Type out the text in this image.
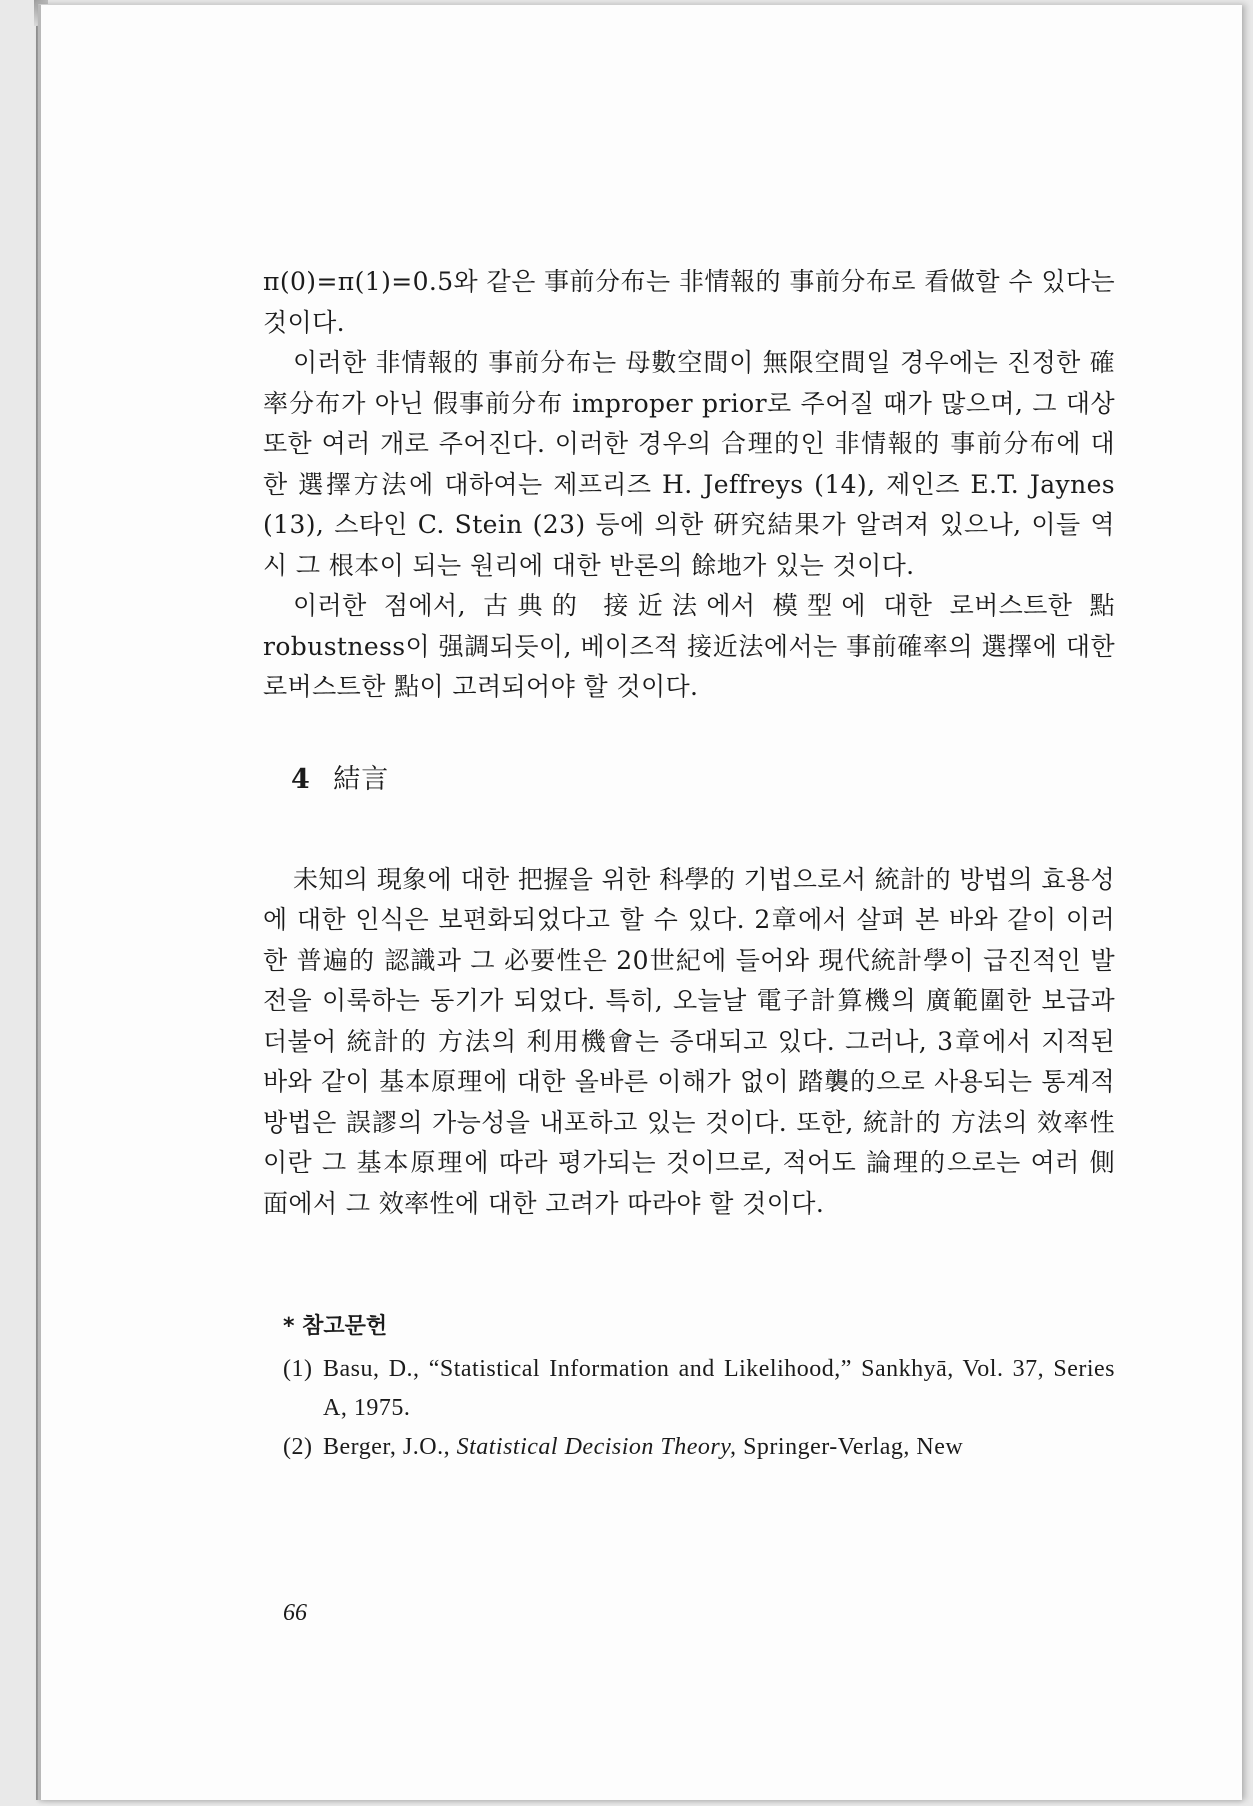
π(0)=π(1)=0.5와 같은 事前分布는 非情報的 事前分布로 看做할 수 있다는 것이다.

이러한 非情報的 事前分布는 母數空間이 無限空間일 경우에는 진정한 確率分布가 아닌 假事前分布 improper prior로 주어질 때가 많으며, 그 대상 또한 여러 개로 주어진다. 이러한 경우의 合理的인 非情報的 事前分布에 대한 選擇方法에 대하여는 제프리즈 H. Jeffreys (14), 제인즈 E.T. Jaynes (13), 스타인 C. Stein (23) 등에 의한 硏究結果가 알려져 있으나, 이들 역시 그 根本이 되는 원리에 대한 반론의 餘地가 있는 것이다.

이러한 점에서, 古典的 接近法에서 模型에 대한 로버스트한 點 robustness이 强調되듯이, 베이즈적 接近法에서는 事前確率의 選擇에 대한 로버스트한 點이 고려되어야 할 것이다.

4 結言

未知의 現象에 대한 把握을 위한 科學的 기법으로서 統計的 방법의 효용성에 대한 인식은 보편화되었다고 할 수 있다. 2章에서 살펴 본 바와 같이 이러한 普遍的 認識과 그 必要性은 20世紀에 들어와 現代統計學이 급진적인 발전을 이룩하는 동기가 되었다. 특히, 오늘날 電子計算機의 廣範圍한 보급과 더불어 統計的 方法의 利用機會는 증대되고 있다. 그러나, 3章에서 지적된 바와 같이 基本原理에 대한 올바른 이해가 없이 踏襲的으로 사용되는 통계적 방법은 誤謬의 가능성을 내포하고 있는 것이다. 또한, 統計的 方法의 效率性이란 그 基本原理에 따라 평가되는 것이므로, 적어도 論理的으로는 여러 側面에서 그 效率性에 대한 고려가 따라야 할 것이다.

* 참고문헌
(1) Basu, D., “Statistical Information and Likelihood,” Sankhyā, Vol. 37, Series A, 1975.
(2) Berger, J.O., Statistical Decision Theory, Springer-Verlag, New
66
